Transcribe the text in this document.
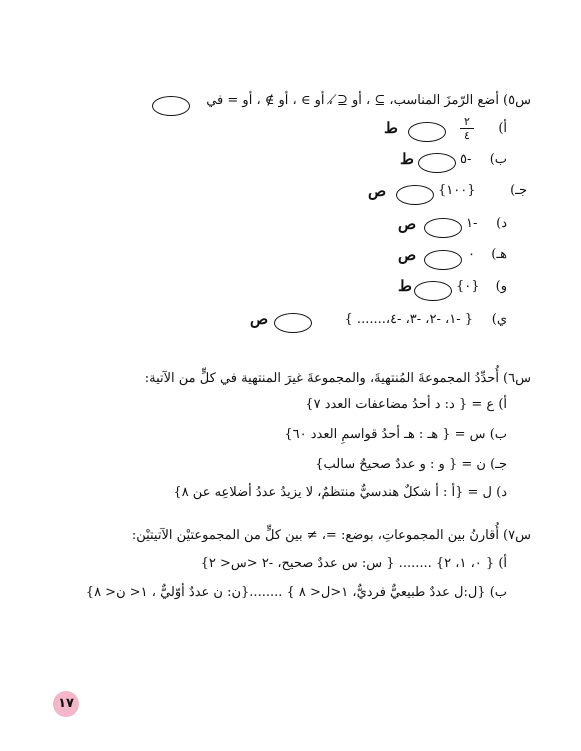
س٥) أضع الرّمزَ المناسب، ⊇ ، أو ⊉ ، أو ∋ ، أو ∌ ، أو = في
أ)
٢
٤
ط
ب)
-٥
ط
جـ)
{١٠٠}
ص
د)
-١
ص
هـ)
٠
ص
و)
{٠}
ط
ي)
{ -١، -٢، -٣، -٤،....... }
ص
س٦) أُحدِّدُ المجموعةَ المُنتهيةَ، والمجموعةَ غيرَ المنتهية في كلٍّ من الآتية:
أ) ع = { د: د أحدُ مضاعفات العدد ٧}
ب) س = { هـ : هـ أحدُ قواسمِ العدد ٦٠}
جـ) ن = { و : و عددٌ صحيحٌ سالب}
د) ل = {أ : أ شكلٌ هندسيٌّ منتظمٌ، لا يزيدُ عددُ أضلاعِه عن ٨}
س٧) أُقارنُ بين المجموعاتِ، بوضع: =، ≠ بين كلٍّ من المجموعتيْن الآتيتيْن:
أ) { ٠، ١، ٢} ........ { س: س عددٌ صحيح، -٢ <س< ٢}
ب) {ل:ل عددٌ طبيعيٌّ فرديٌّ، ١<ل< ٨ } ........{ن: ن عددٌ أوّليٌّ ، ١< ن< ٨}
١٧
